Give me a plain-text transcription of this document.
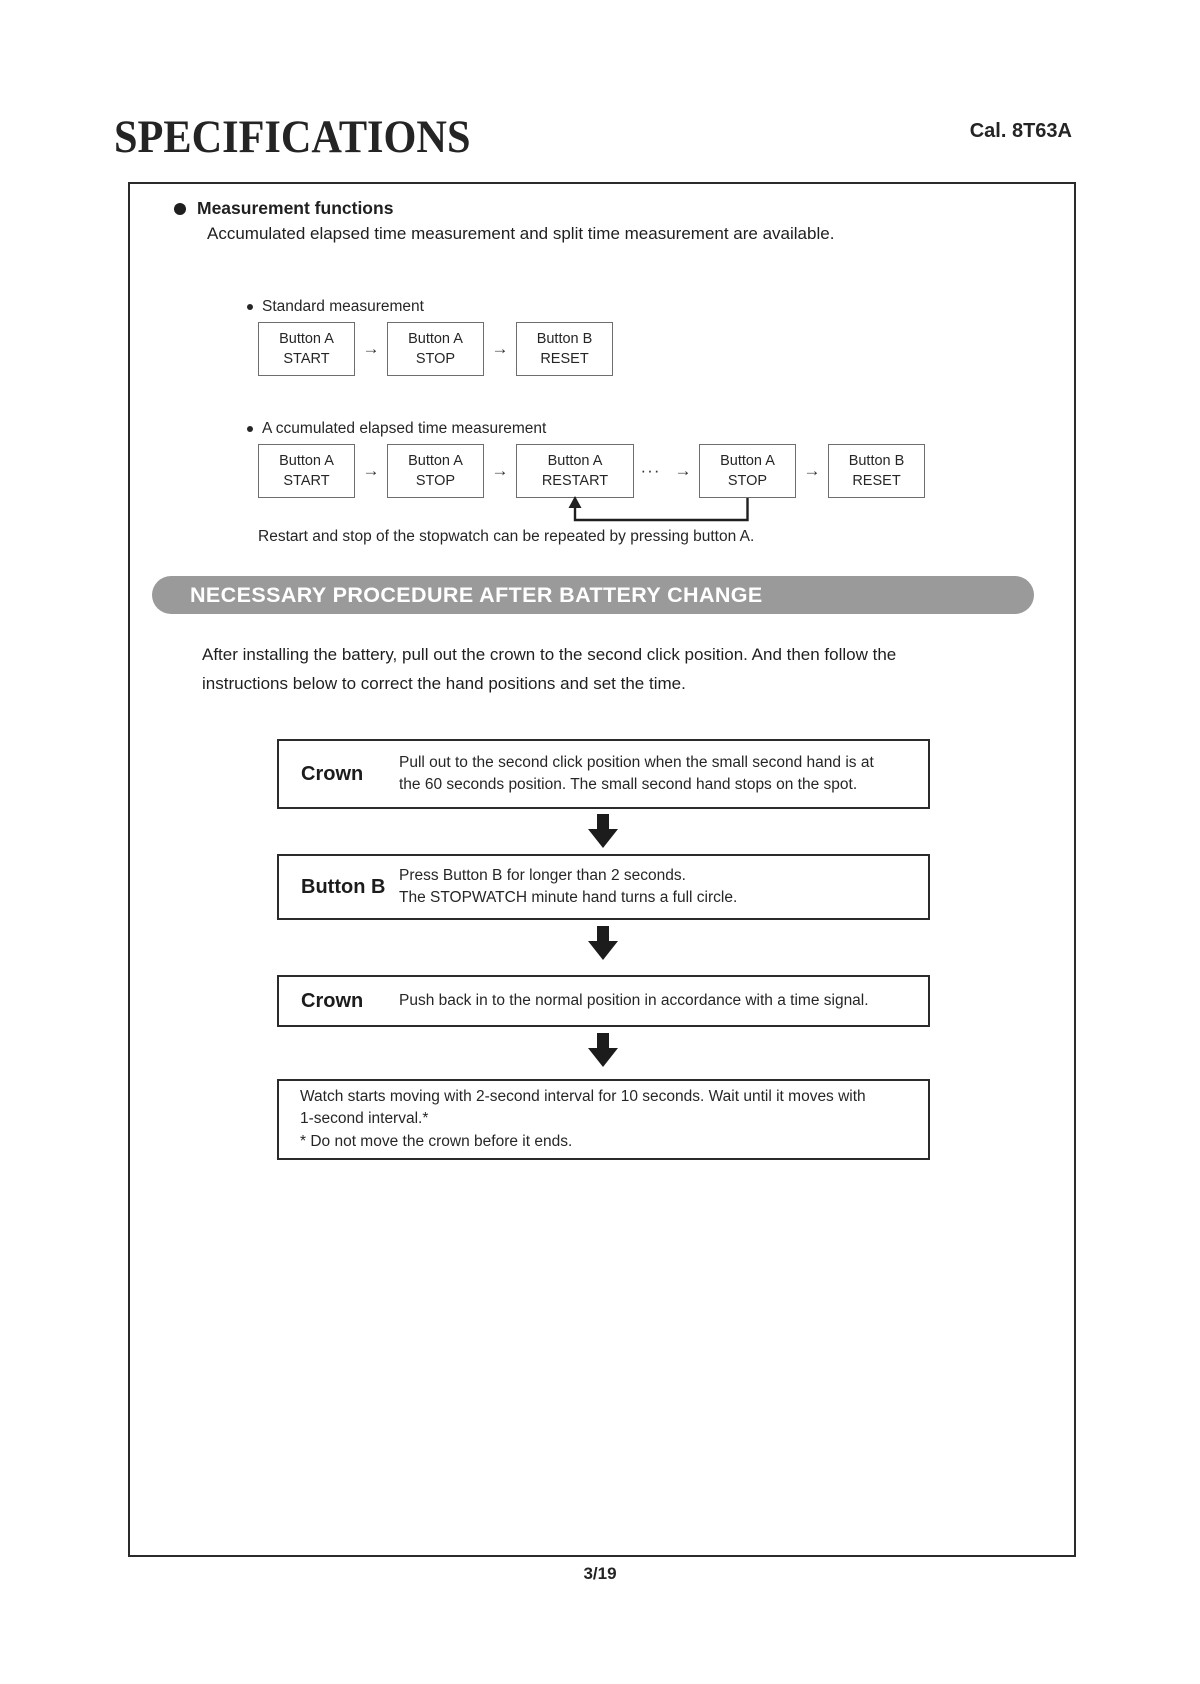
SPECIFICATIONS	Cal. 8T63A
Measurement functions
Accumulated elapsed time measurement and split time measurement are available.
Standard measurement
Button A
START
→	Button A
STOP
→	Button B
RESET
A ccumulated elapsed time measurement
Button A
START
→	Button A
STOP
→	Button A
RESTART
··· →	Button A
STOP
→	Button B
RESET
Restart and stop of the stopwatch can be repeated by pressing button A.
NECESSARY PROCEDURE AFTER BATTERY CHANGE
After installing the battery, pull out the crown to the second click position. And then follow the
instructions below to correct the hand positions and set the time.
Crown
Pull out to the second click position when the small second hand is at
the 60 seconds position. The small second hand stops on the spot.
Button B
Press Button B for longer than 2 seconds.
The STOPWATCH minute hand turns a full circle.
Crown	Push back in to the normal position in accordance with a time signal.
Watch starts moving with 2-second interval for 10 seconds. Wait until it moves with
1-second interval.*
* Do not move the crown before it ends.
3/19
